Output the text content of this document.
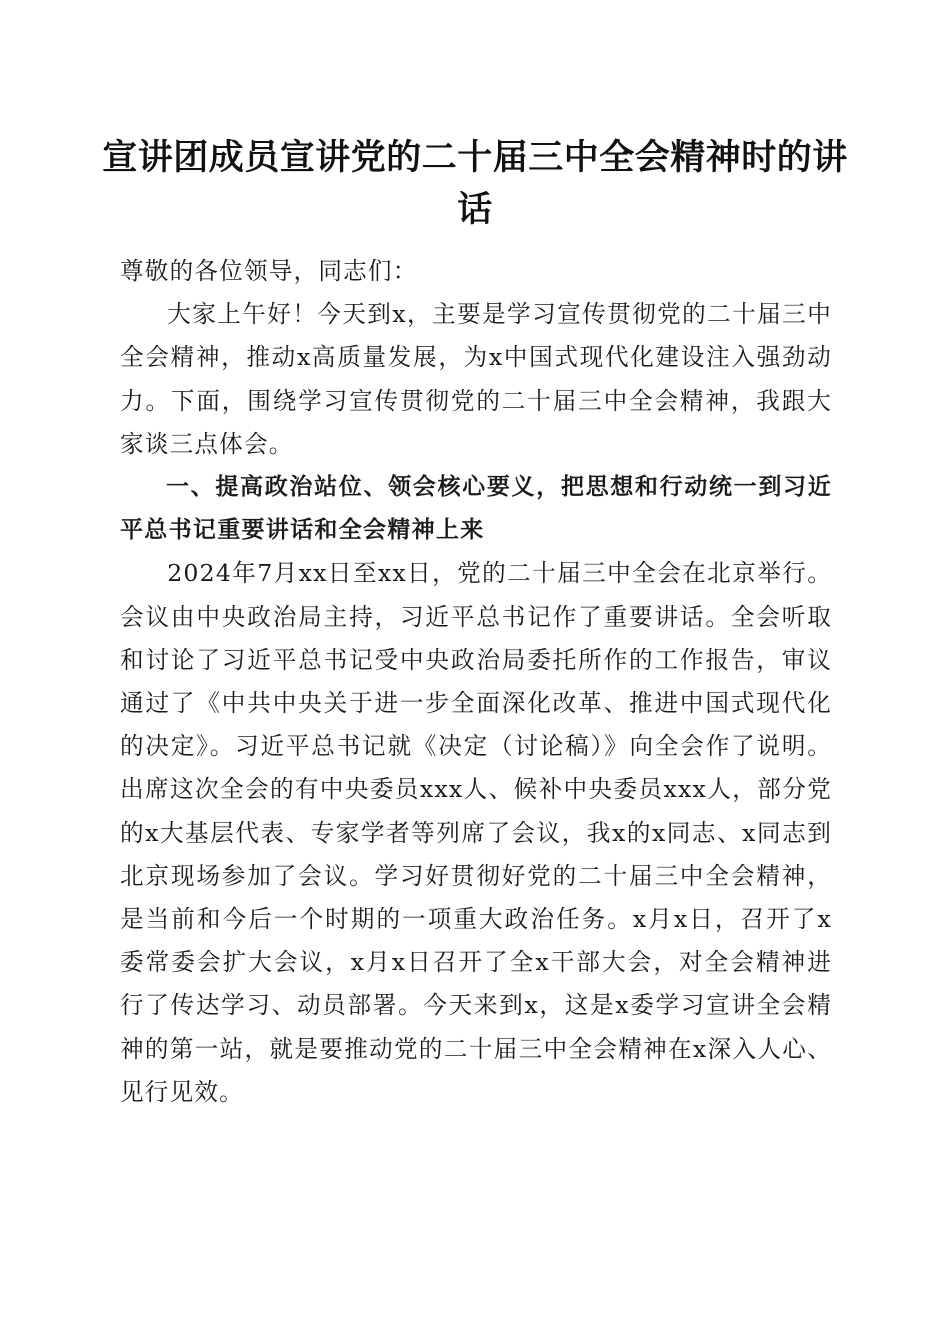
宣讲团成员宣讲党的二十届三中全会精神时的讲话

尊敬的各位领导，同志们：

大家上午好！今天到x，主要是学习宣传贯彻党的二十届三中全会精神，推动x高质量发展，为x中国式现代化建设注入强劲动力。下面，围绕学习宣传贯彻党的二十届三中全会精神，我跟大家谈三点体会。

一、提高政治站位、领会核心要义，把思想和行动统一到习近平总书记重要讲话和全会精神上来

2024年7月xx日至xx日，党的二十届三中全会在北京举行。会议由中央政治局主持，习近平总书记作了重要讲话。全会听取和讨论了习近平总书记受中央政治局委托所作的工作报告，审议通过了《中共中央关于进一步全面深化改革、推进中国式现代化的决定》。习近平总书记就《决定（讨论稿）》向全会作了说明。出席这次全会的有中央委员xxx人、候补中央委员xxx人，部分党的x大基层代表、专家学者等列席了会议，我x的x同志、x同志到北京现场参加了会议。学习好贯彻好党的二十届三中全会精神，是当前和今后一个时期的一项重大政治任务。x月x日，召开了x委常委会扩大会议，x月x日召开了全x干部大会，对全会精神进行了传达学习、动员部署。今天来到x，这是x委学习宣讲全会精神的第一站，就是要推动党的二十届三中全会精神在x深入人心、见行见效。
